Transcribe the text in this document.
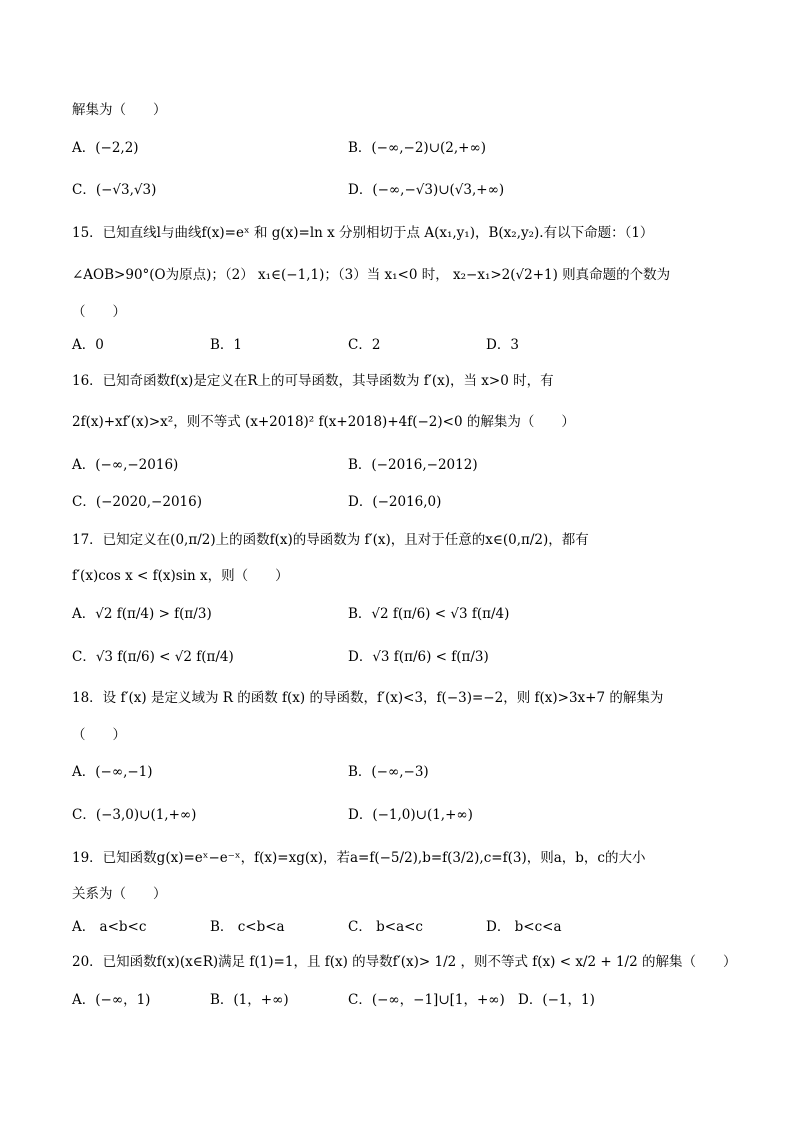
解集为（　　）
A．(−2,2)	B．(−∞,−2)∪(2,+∞)
C．(−√3,√3)	D．(−∞,−√3)∪(√3,+∞)
15．已知直线l与曲线f(x)=eˣ 和 g(x)=ln x 分别相切于点 A(x₁,y₁)，B(x₂,y₂).有以下命题：（1）
∠AOB>90°(O为原点)；（2） x₁∈(−1,1)；（3）当 x₁<0 时， x₂−x₁>2(√2+1) 则真命题的个数为
（　　）
A．0	B．1	C．2	D．3
16．已知奇函数f(x)是定义在R上的可导函数，其导函数为 f′(x)，当 x>0 时，有
2f(x)+xf′(x)>x²，则不等式 (x+2018)² f(x+2018)+4f(−2)<0 的解集为（　　）
A．(−∞,−2016)	B．(−2016,−2012)
C．(−2020,−2016)	D．(−2016,0)
17．已知定义在(0,π/2)上的函数f(x)的导函数为 f′(x)，且对于任意的x∈(0,π/2)，都有
f′(x)cos x < f(x)sin x，则（　　）
A．√2 f(π/4) > f(π/3)	B．√2 f(π/6) < √3 f(π/4)
C．√3 f(π/6) < √2 f(π/4)	D．√3 f(π/6) < f(π/3)
18．设 f′(x) 是定义域为 R 的函数 f(x) 的导函数，f′(x)<3，f(−3)=−2，则 f(x)>3x+7 的解集为
（　　）
A．(−∞,−1)	B．(−∞,−3)
C．(−3,0)∪(1,+∞)	D．(−1,0)∪(1,+∞)
19．已知函数g(x)=eˣ−e⁻ˣ，f(x)=xg(x)，若a=f(−5/2),b=f(3/2),c=f(3)，则a，b，c的大小
关系为（　　）
A． a<b<c	B． c<b<a	C． b<a<c	D． b<c<a
20．已知函数f(x)(x∈R)满足 f(1)=1，且 f(x) 的导数f′(x)> 1/2 ，则不等式 f(x) < x/2 + 1/2 的解集（　　）
A．(−∞，1)	B．(1，+∞)	C．(−∞，−1]∪[1，+∞) D．(−1，1)
